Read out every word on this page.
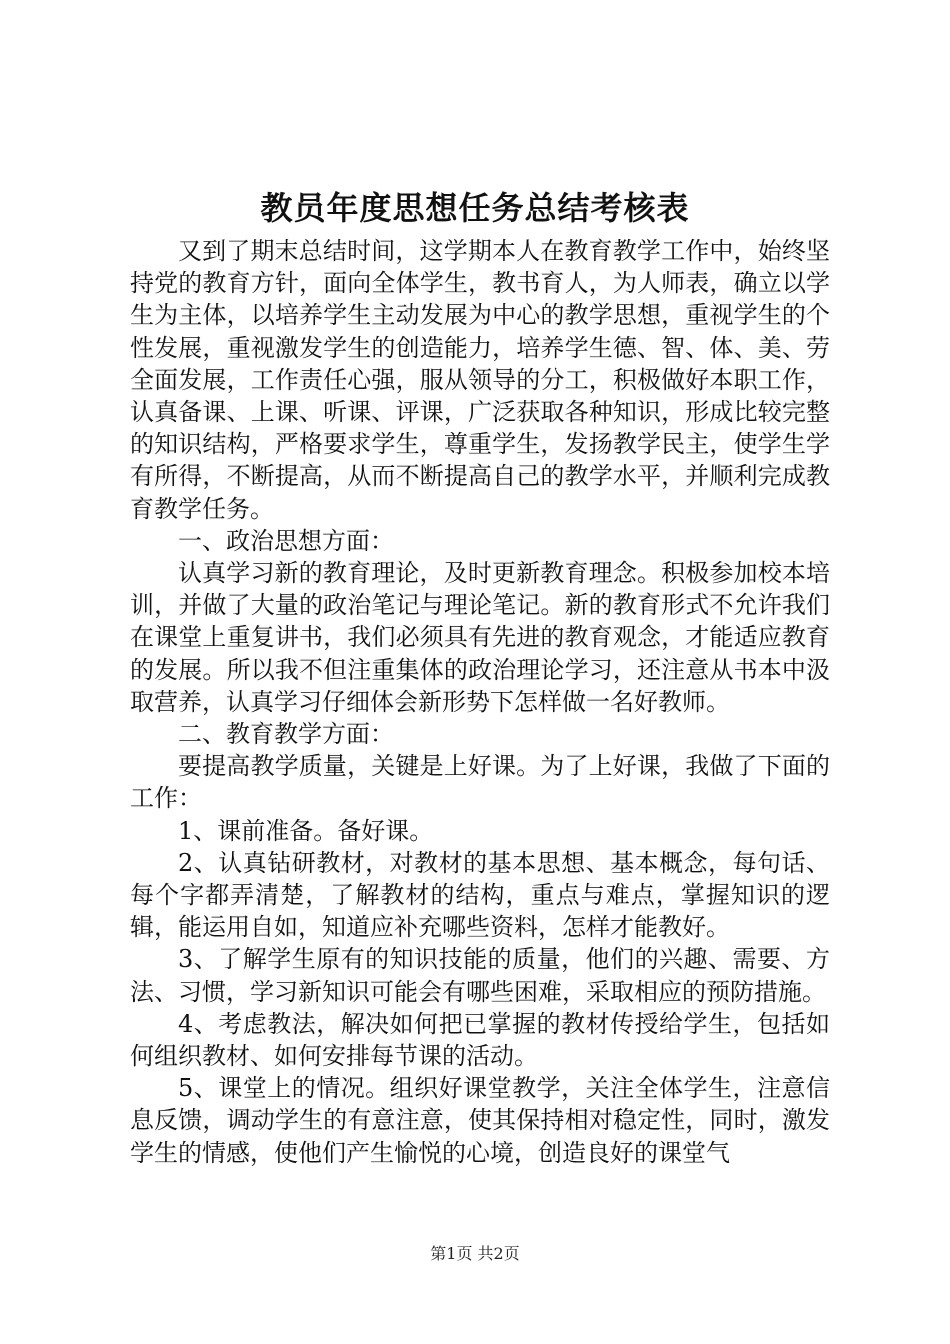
教员年度思想任务总结考核表

又到了期末总结时间，这学期本人在教育教学工作中，始终坚持党的教育方针，面向全体学生，教书育人，为人师表，确立以学生为主体，以培养学生主动发展为中心的教学思想，重视学生的个性发展，重视激发学生的创造能力，培养学生德、智、体、美、劳全面发展，工作责任心强，服从领导的分工，积极做好本职工作，认真备课、上课、听课、评课，广泛获取各种知识，形成比较完整的知识结构，严格要求学生，尊重学生，发扬教学民主，使学生学有所得，不断提高，从而不断提高自己的教学水平，并顺利完成教育教学任务。

一、政治思想方面：

认真学习新的教育理论，及时更新教育理念。积极参加校本培训，并做了大量的政治笔记与理论笔记。新的教育形式不允许我们在课堂上重复讲书，我们必须具有先进的教育观念，才能适应教育的发展。所以我不但注重集体的政治理论学习，还注意从书本中汲取营养，认真学习仔细体会新形势下怎样做一名好教师。

二、教育教学方面：

要提高教学质量，关键是上好课。为了上好课，我做了下面的工作：

1、课前准备。备好课。

2、认真钻研教材，对教材的基本思想、基本概念，每句话、每个字都弄清楚，了解教材的结构，重点与难点，掌握知识的逻辑，能运用自如，知道应补充哪些资料，怎样才能教好。

3、了解学生原有的知识技能的质量，他们的兴趣、需要、方法、习惯，学习新知识可能会有哪些困难，采取相应的预防措施。

4、考虑教法，解决如何把已掌握的教材传授给学生，包括如何组织教材、如何安排每节课的活动。

5、课堂上的情况。组织好课堂教学，关注全体学生，注意信息反馈，调动学生的有意注意，使其保持相对稳定性，同时，激发学生的情感，使他们产生愉悦的心境，创造良好的课堂气

第1页 共2页
